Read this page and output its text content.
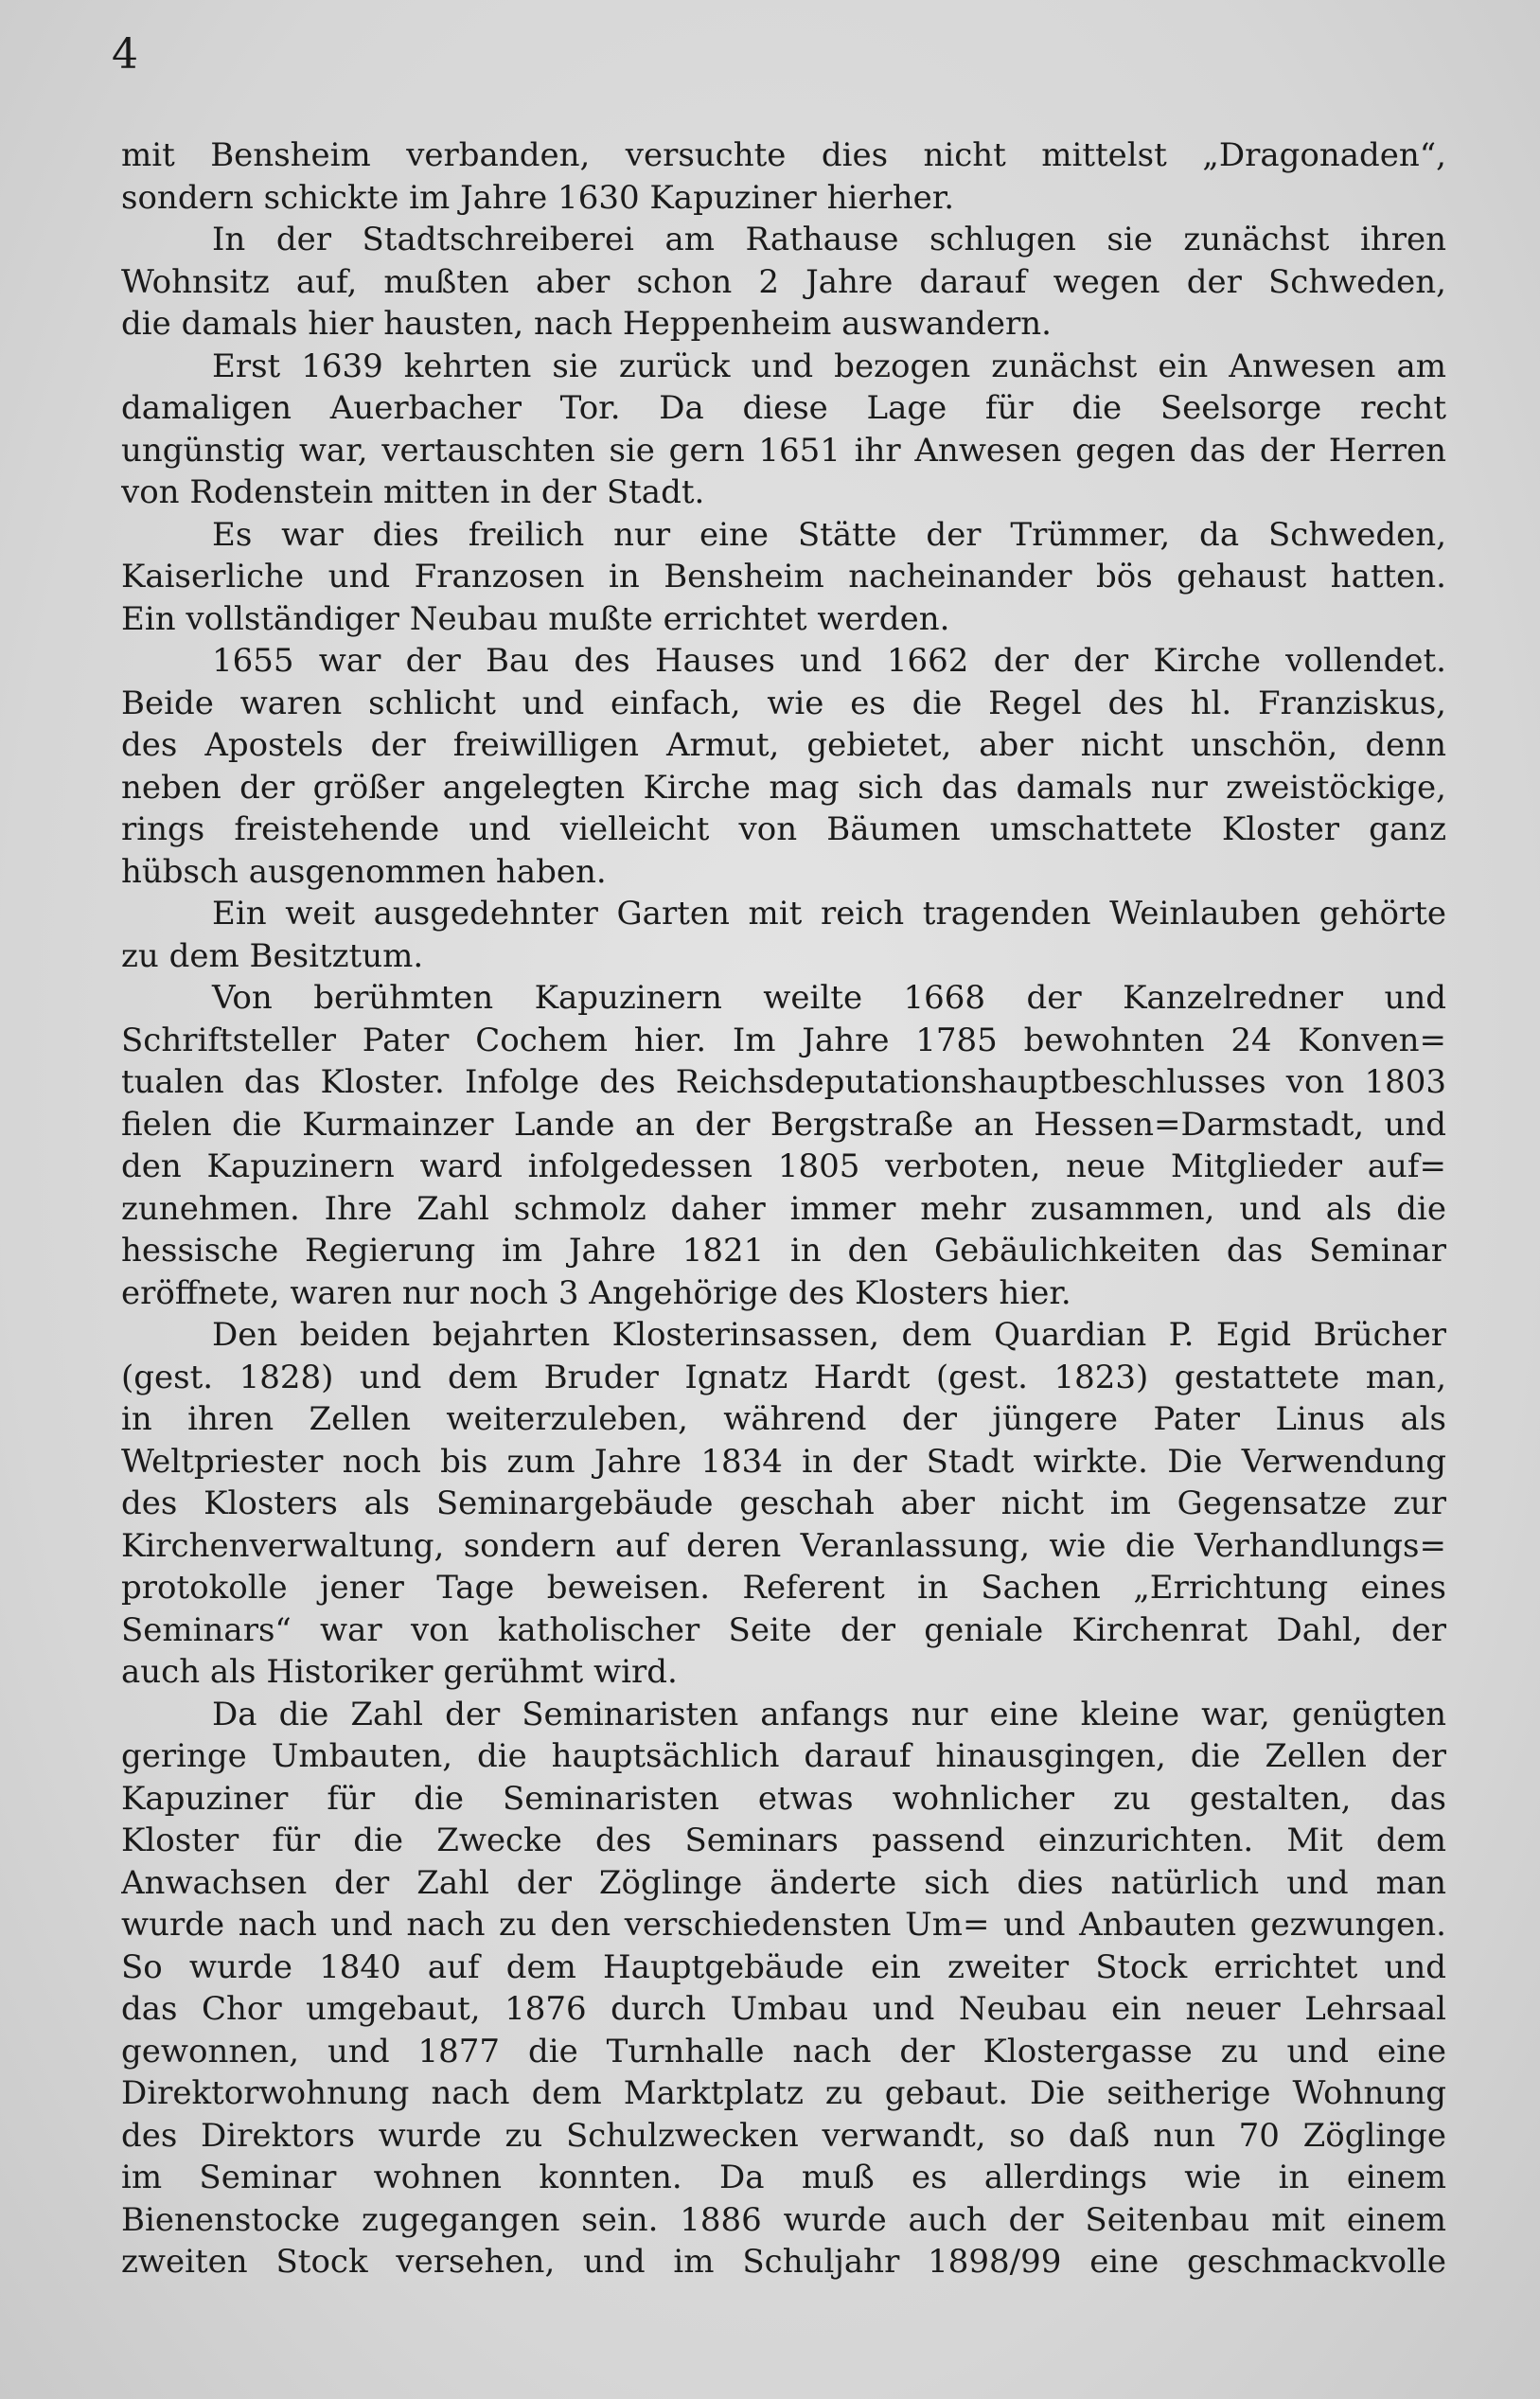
4
mit Bensheim verbanden, versuchte dies nicht mittelst „Dragonaden“,
sondern schickte im Jahre 1630 Kapuziner hierher.
In der Stadtschreiberei am Rathause schlugen sie zunächst ihren
Wohnsitz auf, mußten aber schon 2 Jahre darauf wegen der Schweden,
die damals hier hausten, nach Heppenheim auswandern.
Erst 1639 kehrten sie zurück und bezogen zunächst ein Anwesen am
damaligen Auerbacher Tor. Da diese Lage für die Seelsorge recht
ungünstig war, vertauschten sie gern 1651 ihr Anwesen gegen das der Herren
von Rodenstein mitten in der Stadt.
Es war dies freilich nur eine Stätte der Trümmer, da Schweden,
Kaiserliche und Franzosen in Bensheim nacheinander bös gehaust hatten.
Ein vollständiger Neubau mußte errichtet werden.
1655 war der Bau des Hauses und 1662 der der Kirche vollendet.
Beide waren schlicht und einfach, wie es die Regel des hl. Franziskus,
des Apostels der freiwilligen Armut, gebietet, aber nicht unschön, denn
neben der größer angelegten Kirche mag sich das damals nur zweistöckige,
rings freistehende und vielleicht von Bäumen umschattete Kloster ganz
hübsch ausgenommen haben.
Ein weit ausgedehnter Garten mit reich tragenden Weinlauben gehörte
zu dem Besitztum.
Von berühmten Kapuzinern weilte 1668 der Kanzelredner und
Schriftsteller Pater Cochem hier. Im Jahre 1785 bewohnten 24 Konven=
tualen das Kloster. Infolge des Reichsdeputationshauptbeschlusses von 1803
fielen die Kurmainzer Lande an der Bergstraße an Hessen=Darmstadt, und
den Kapuzinern ward infolgedessen 1805 verboten, neue Mitglieder auf=
zunehmen. Ihre Zahl schmolz daher immer mehr zusammen, und als die
hessische Regierung im Jahre 1821 in den Gebäulichkeiten das Seminar
eröffnete, waren nur noch 3 Angehörige des Klosters hier.
Den beiden bejahrten Klosterinsassen, dem Quardian P. Egid Brücher
(gest. 1828) und dem Bruder Ignatz Hardt (gest. 1823) gestattete man,
in ihren Zellen weiterzuleben, während der jüngere Pater Linus als
Weltpriester noch bis zum Jahre 1834 in der Stadt wirkte. Die Verwendung
des Klosters als Seminargebäude geschah aber nicht im Gegensatze zur
Kirchenverwaltung, sondern auf deren Veranlassung, wie die Verhandlungs=
protokolle jener Tage beweisen. Referent in Sachen „Errichtung eines
Seminars“ war von katholischer Seite der geniale Kirchenrat Dahl, der
auch als Historiker gerühmt wird.
Da die Zahl der Seminaristen anfangs nur eine kleine war, genügten
geringe Umbauten, die hauptsächlich darauf hinausgingen, die Zellen der
Kapuziner für die Seminaristen etwas wohnlicher zu gestalten, das
Kloster für die Zwecke des Seminars passend einzurichten. Mit dem
Anwachsen der Zahl der Zöglinge änderte sich dies natürlich und man
wurde nach und nach zu den verschiedensten Um= und Anbauten gezwungen.
So wurde 1840 auf dem Hauptgebäude ein zweiter Stock errichtet und
das Chor umgebaut, 1876 durch Umbau und Neubau ein neuer Lehrsaal
gewonnen, und 1877 die Turnhalle nach der Klostergasse zu und eine
Direktorwohnung nach dem Marktplatz zu gebaut. Die seitherige Wohnung
des Direktors wurde zu Schulzwecken verwandt, so daß nun 70 Zöglinge
im Seminar wohnen konnten. Da muß es allerdings wie in einem
Bienenstocke zugegangen sein. 1886 wurde auch der Seitenbau mit einem
zweiten Stock versehen, und im Schuljahr 1898/99 eine geschmackvolle
